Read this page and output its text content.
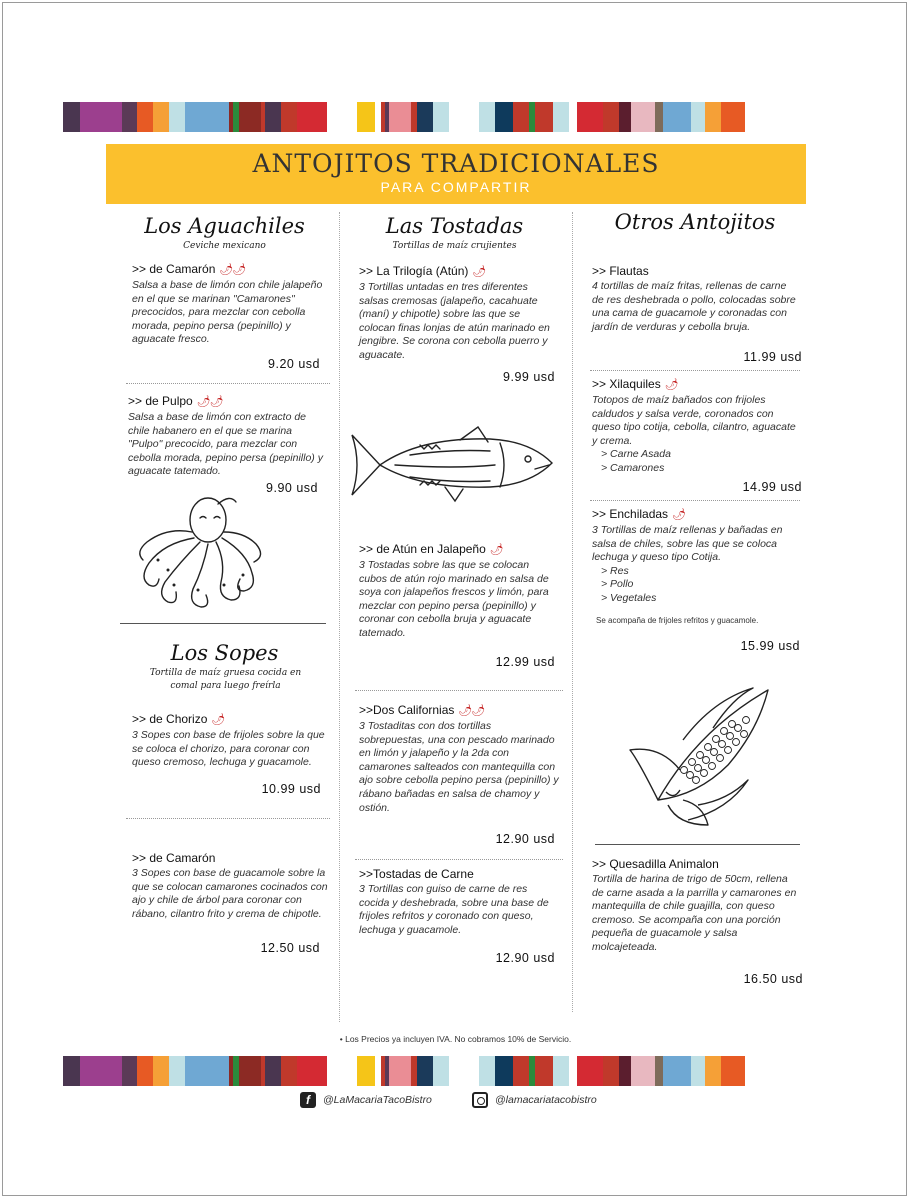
ANTOJITOS TRADICIONALES
PARA COMPARTIR
Los Aguachiles
Ceviche mexicano
Las Tostadas
Tortillas de maíz crujientes
Otros Antojitos
Los Sopes
Tortilla de maíz gruesa cocida en comal para luego freírla
>> de Camarón 🌶🌶
Salsa a base de limón con chile jalapeño en el que se marinan "Camarones" precocidos, para mezclar con cebolla morada, pepino persa (pepinillo) y aguacate fresco.
9.20 usd
>> de Pulpo 🌶🌶
Salsa a base de limón con extracto de chile habanero en el que se marina "Pulpo" precocido, para mezclar con cebolla morada, pepino persa (pepinillo) y aguacate tatemado.
9.90 usd
>> de Chorizo 🌶
3 Sopes con base de frijoles sobre la que se coloca el chorizo, para coronar con queso cremoso, lechuga y guacamole.
10.99 usd
>> de Camarón
3 Sopes con base de guacamole sobre la que se colocan camarones cocinados con ajo y chile de árbol para coronar con rábano, cilantro frito y crema de chipotle.
12.50 usd
>> La Trilogía (Atún) 🌶
3 Tortillas untadas en tres diferentes salsas cremosas (jalapeño, cacahuate (maní) y chipotle) sobre las que se colocan finas lonjas de atún marinado en jengibre. Se corona con cebolla puerro y aguacate.
9.99 usd
>> de Atún en Jalapeño 🌶
3 Tostadas sobre las que se colocan cubos de atún rojo marinado en salsa de soya con jalapeños frescos y limón, para mezclar con pepino persa (pepinillo) y coronar con cebolla bruja y aguacate tatemado.
12.99 usd
>>Dos Californias 🌶🌶
3 Tostaditas con dos tortillas sobrepuestas, una con pescado marinado en limón y jalapeño y la 2da con camarones salteados con mantequilla con ajo sobre cebolla pepino persa (pepinillo) y rábano bañadas en salsa de chamoy y ostión.
12.90 usd
>>Tostadas de Carne
3 Tortillas con guiso de carne de res cocida y deshebrada, sobre una base de frijoles refritos y coronado con queso, lechuga y guacamole.
12.90 usd
>> Flautas
4 tortillas de maíz fritas, rellenas de carne de res deshebrada o pollo, colocadas sobre una cama de guacamole y coronadas con jardín de verduras y cebolla bruja.
11.99 usd
>> Xilaquiles 🌶
Totopos de maíz bañados con frijoles caldudos y salsa verde, coronados con queso tipo cotija, cebolla, cilantro, aguacate y crema.
> Carne Asada
> Camarones
14.99 usd
>> Enchiladas 🌶
3 Tortillas de maíz rellenas y bañadas en salsa de chiles, sobre las que se coloca lechuga y queso tipo Cotija.
> Res
> Pollo
> Vegetales
Se acompaña de frijoles refritos y guacamole.
15.99 usd
>> Quesadilla Animalon
Tortilla de harina de trigo de 50cm, rellena de carne asada a la parrilla y camarones en mantequilla de chile guajilla, con queso cremoso. Se acompaña con una porción pequeña de guacamole y salsa molcajeteada.
16.50 usd
• Los Precios ya incluyen IVA. No cobramos 10% de Servicio.
f	@LaMacariaTacoBistro	@lamacariatacobistro
